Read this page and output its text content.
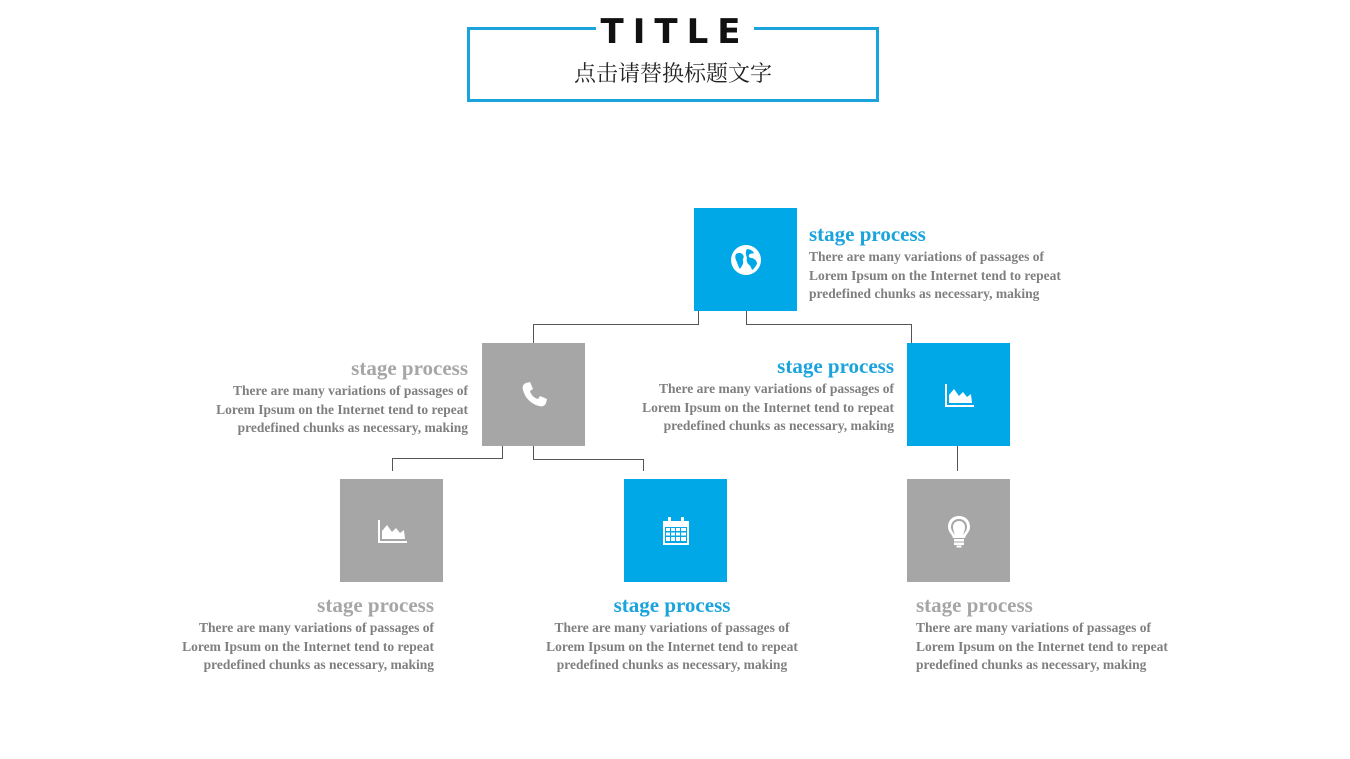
TITLE
点击请替换标题文字
stage process
There are many variations of passages of
Lorem Ipsum on the Internet tend to repeat
predefined chunks as necessary, making
stage process
There are many variations of passages of
Lorem Ipsum on the Internet tend to repeat
predefined chunks as necessary, making
stage process
There are many variations of passages of
Lorem Ipsum on the Internet tend to repeat
predefined chunks as necessary, making
stage process
There are many variations of passages of
Lorem Ipsum on the Internet tend to repeat
predefined chunks as necessary, making
stage process
There are many variations of passages of
Lorem Ipsum on the Internet tend to repeat
predefined chunks as necessary, making
stage process
There are many variations of passages of
Lorem Ipsum on the Internet tend to repeat
predefined chunks as necessary, making
